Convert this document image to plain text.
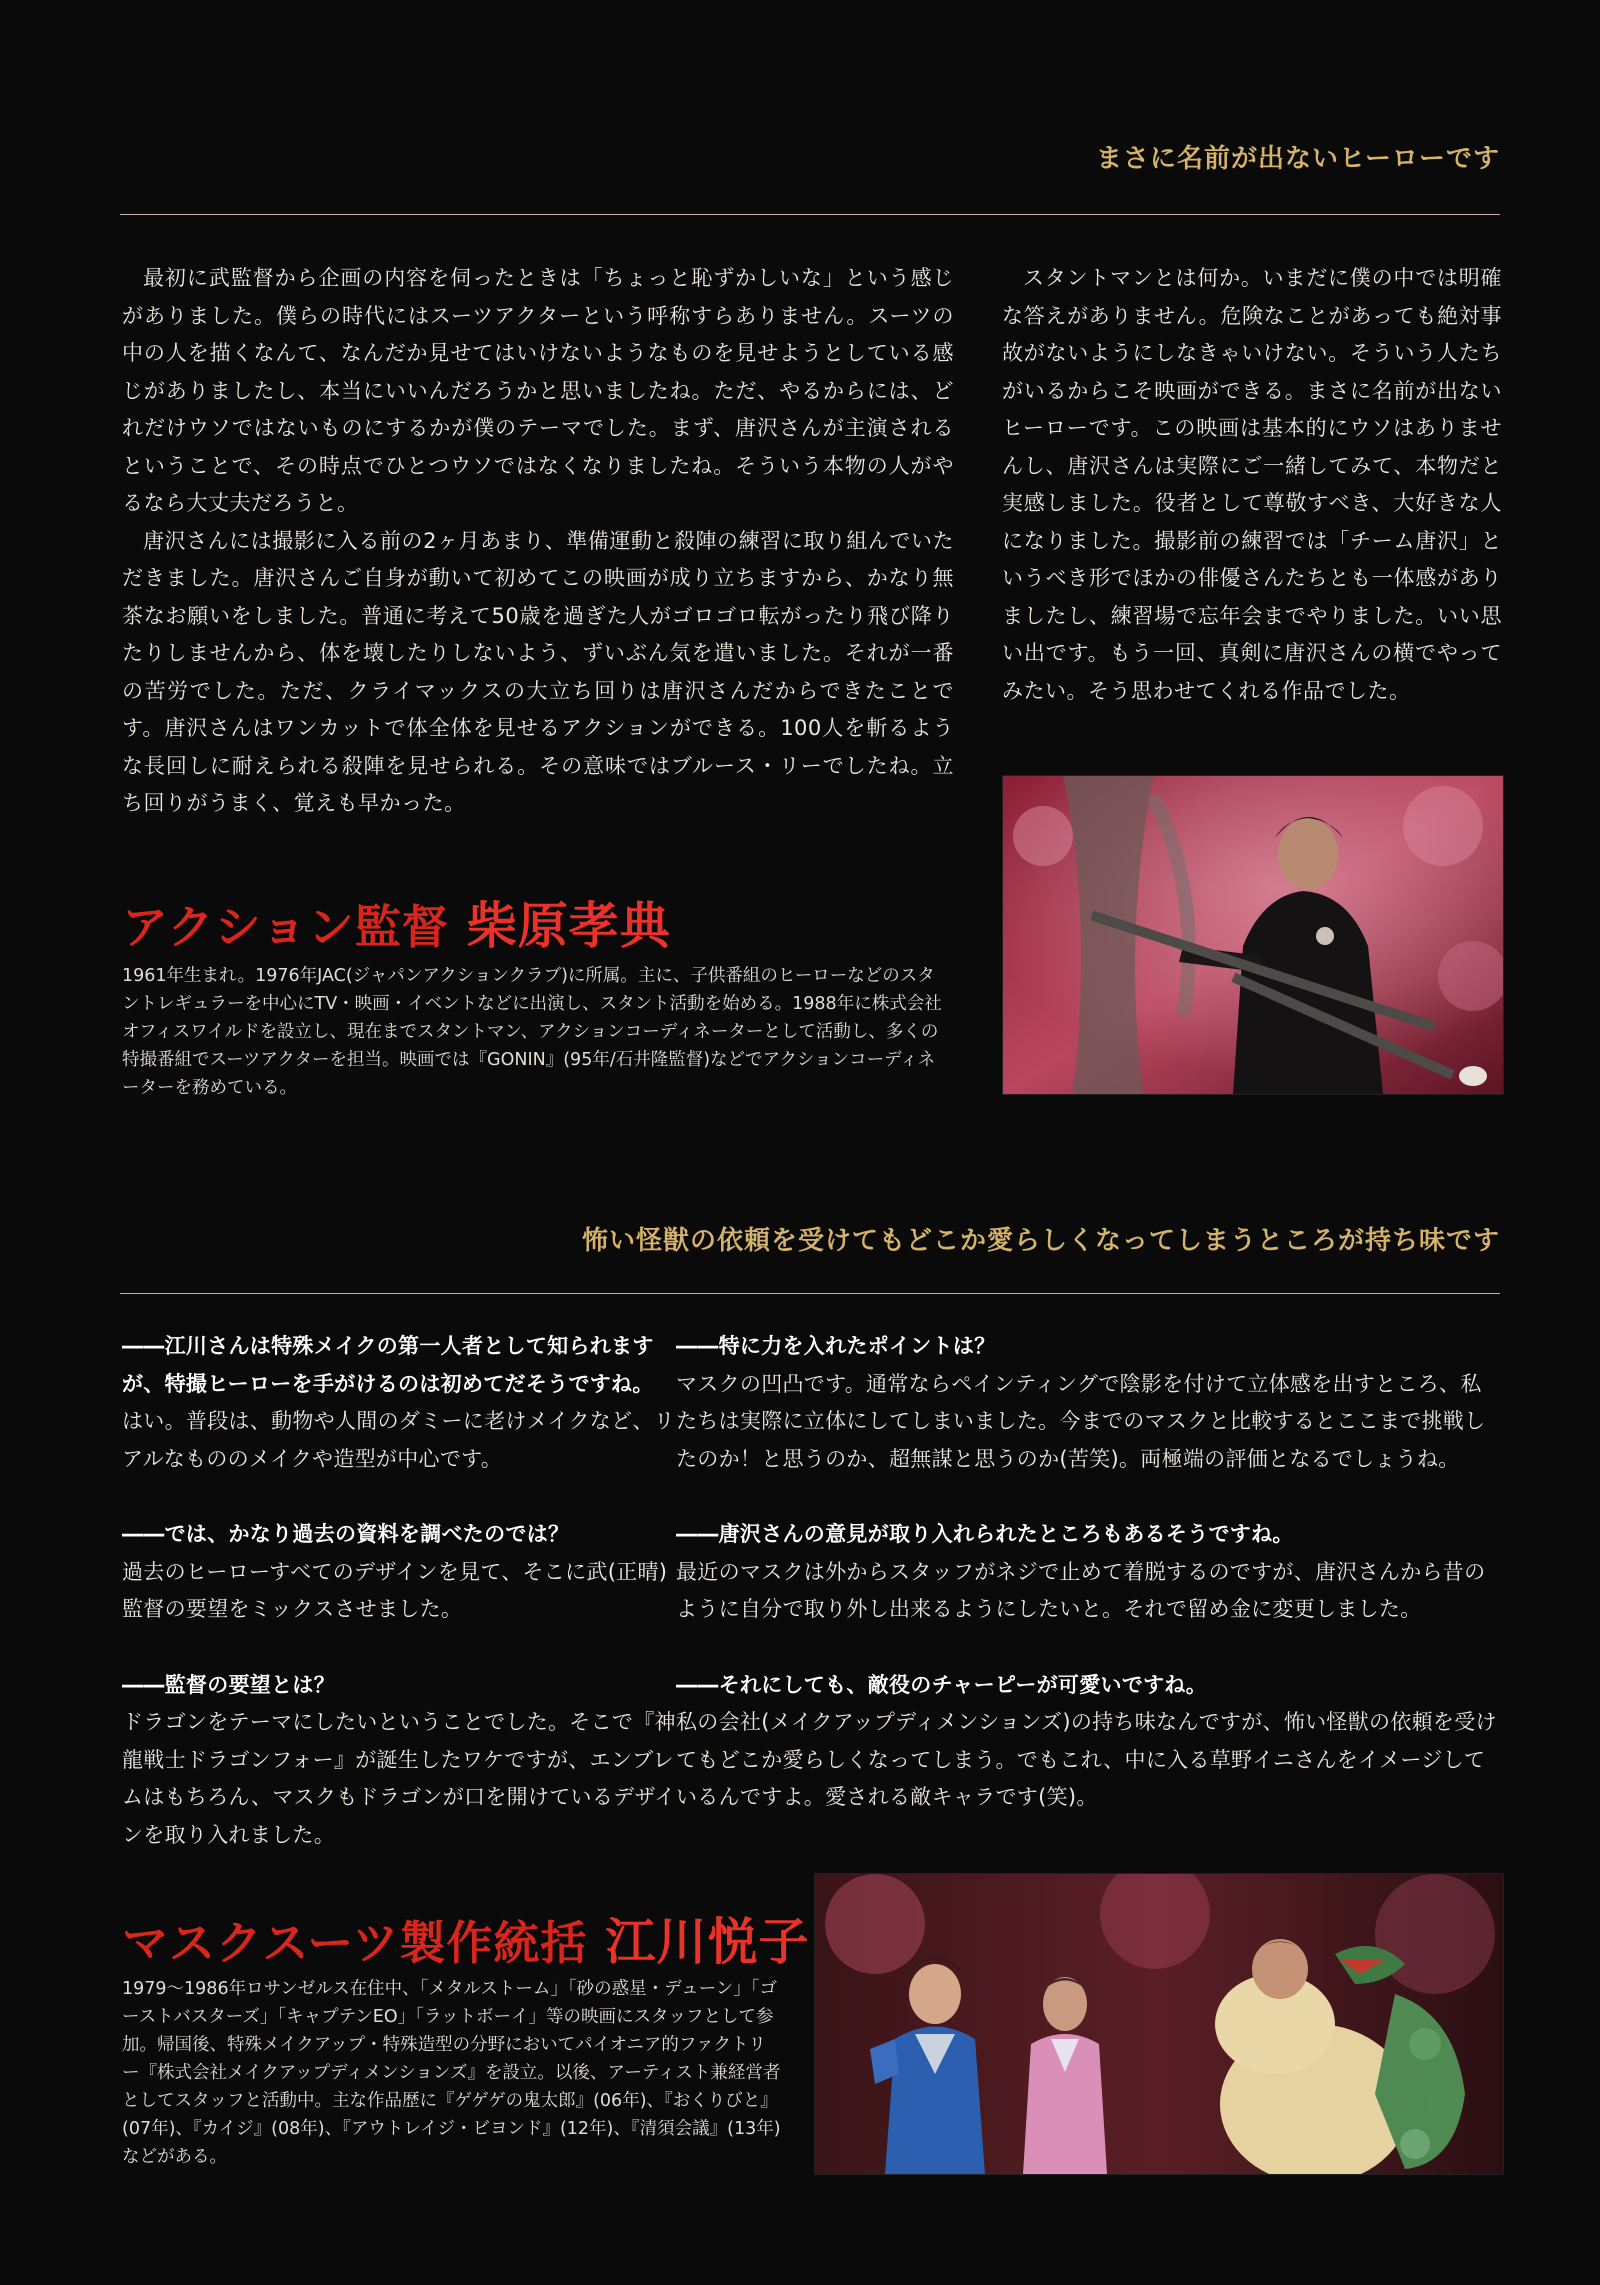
まさに名前が出ないヒーローです

最初に武監督から企画の内容を伺ったときは「ちょっと恥ずかしいな」という感じがありました。僕らの時代にはスーツアクターという呼称すらありません。スーツの中の人を描くなんて、なんだか見せてはいけないようなものを見せようとしている感じがありましたし、本当にいいんだろうかと思いましたね。ただ、やるからには、どれだけウソではないものにするかが僕のテーマでした。まず、唐沢さんが主演されるということで、その時点でひとつウソではなくなりましたね。そういう本物の人がやるなら大丈夫だろうと。

唐沢さんには撮影に入る前の2ヶ月あまり、準備運動と殺陣の練習に取り組んでいただきました。唐沢さんご自身が動いて初めてこの映画が成り立ちますから、かなり無茶なお願いをしました。普通に考えて50歳を過ぎた人がゴロゴロ転がったり飛び降りたりしませんから、体を壊したりしないよう、ずいぶん気を遣いました。それが一番の苦労でした。ただ、クライマックスの大立ち回りは唐沢さんだからできたことです。唐沢さんはワンカットで体全体を見せるアクションができる。100人を斬るような長回しに耐えられる殺陣を見せられる。その意味ではブルース・リーでしたね。立ち回りがうまく、覚えも早かった。

スタントマンとは何か。いまだに僕の中では明確な答えがありません。危険なことがあっても絶対事故がないようにしなきゃいけない。そういう人たちがいるからこそ映画ができる。まさに名前が出ないヒーローです。この映画は基本的にウソはありませんし、唐沢さんは実際にご一緒してみて、本物だと実感しました。役者として尊敬すべき、大好きな人になりました。撮影前の練習では「チーム唐沢」というべき形でほかの俳優さんたちとも一体感がありましたし、練習場で忘年会までやりました。いい思い出です。もう一回、真剣に唐沢さんの横でやってみたい。そう思わせてくれる作品でした。

アクション監督 柴原孝典
1961年生まれ。1976年JAC(ジャパンアクションクラブ)に所属。主に、子供番組のヒーローなどのスタントレギュラーを中心にTV・映画・イベントなどに出演し、スタント活動を始める。1988年に株式会社オフィスワイルドを設立し、現在までスタントマン、アクションコーディネーターとして活動し、多くの特撮番組でスーツアクターを担当。映画では『GONIN』(95年/石井隆監督)などでアクションコーディネーターを務めている。
怖い怪獣の依頼を受けてもどこか愛らしくなってしまうところが持ち味です
――江川さんは特殊メイクの第一人者として知られますが、特撮ヒーローを手がけるのは初めてだそうですね。
はい。普段は、動物や人間のダミーに老けメイクなど、リアルなもののメイクや造型が中心です。
――では、かなり過去の資料を調べたのでは？
過去のヒーローすべてのデザインを見て、そこに武(正晴)監督の要望をミックスさせました。
――監督の要望とは？
ドラゴンをテーマにしたいということでした。そこで『神龍戦士ドラゴンフォー』が誕生したワケですが、エンブレムはもちろん、マスクもドラゴンが口を開けているデザインを取り入れました。
――特に力を入れたポイントは？
マスクの凹凸です。通常ならペインティングで陰影を付けて立体感を出すところ、私たちは実際に立体にしてしまいました。今までのマスクと比較するとここまで挑戦したのか！と思うのか、超無謀と思うのか(苦笑)。両極端の評価となるでしょうね。
――唐沢さんの意見が取り入れられたところもあるそうですね。
最近のマスクは外からスタッフがネジで止めて着脱するのですが、唐沢さんから昔のように自分で取り外し出来るようにしたいと。それで留め金に変更しました。
――それにしても、敵役のチャーピーが可愛いですね。
私の会社(メイクアップディメンションズ)の持ち味なんですが、怖い怪獣の依頼を受けてもどこか愛らしくなってしまう。でもこれ、中に入る草野イニさんをイメージしているんですよ。愛される敵キャラです(笑)。
マスクスーツ製作統括 江川悦子
1979～1986年ロサンゼルス在住中、「メタルストーム」「砂の惑星・デューン」「ゴーストバスターズ」「キャプテンEO」「ラットボーイ」等の映画にスタッフとして参加。帰国後、特殊メイクアップ・特殊造型の分野においてパイオニア的ファクトリー『株式会社メイクアップディメンションズ』を設立。以後、アーティスト兼経営者としてスタッフと活動中。主な作品歴に『ゲゲゲの鬼太郎』(06年)、『おくりびと』(07年)、『カイジ』(08年)、『アウトレイジ・ビヨンド』(12年)、『清須会議』(13年)などがある。
